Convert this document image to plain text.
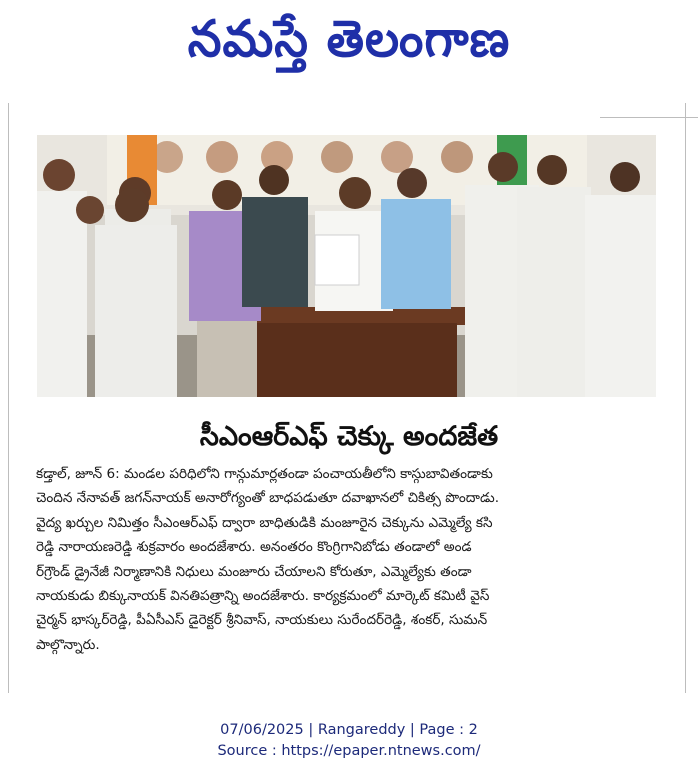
నమస్తే తెలంగాణ
సీఎంఆర్ఎఫ్ చెక్కు అందజేత

కడ్తాల్, జూన్ 6: మండల పరిధిలోని గాన్గుమార్లతండా పంచాయతీలోని కాస్గుబావితండాకు

చెందిన నేనావత్ జగన్‌నాయక్ అనారోగ్యంతో బాధపడుతూ దవాఖానలో చికిత్స పొందాడు.

వైద్య ఖర్చుల నిమిత్తం సీఎంఆర్ఎఫ్ ద్వారా బాధితుడికి మంజూరైన చెక్కును ఎమ్మెల్యే కసి

రెడ్డి నారాయణరెడ్డి శుక్రవారం అందజేశారు. అనంతరం కొంగ్రిగానిబోడు తండాలో అండ

ర్‌గ్రౌండ్ డ్రైనేజీ నిర్మాణానికి నిధులు మంజూరు చేయాలని కోరుతూ, ఎమ్మెల్యేకు తండా

నాయకుడు బిక్కునాయక్ వినతిపత్రాన్ని అందజేశారు. కార్యక్రమంలో మార్కెట్ కమిటీ వైస్

చైర్మన్ భాస్కర్‌రెడ్డి, పీఏసీఎస్ డైరెక్టర్ శ్రీనివాస్, నాయకులు సురేందర్‌రెడ్డి, శంకర్, సుమన్

పాల్గొన్నారు.

07/06/2025 | Rangareddy | Page : 2
Source : https://epaper.ntnews.com/
